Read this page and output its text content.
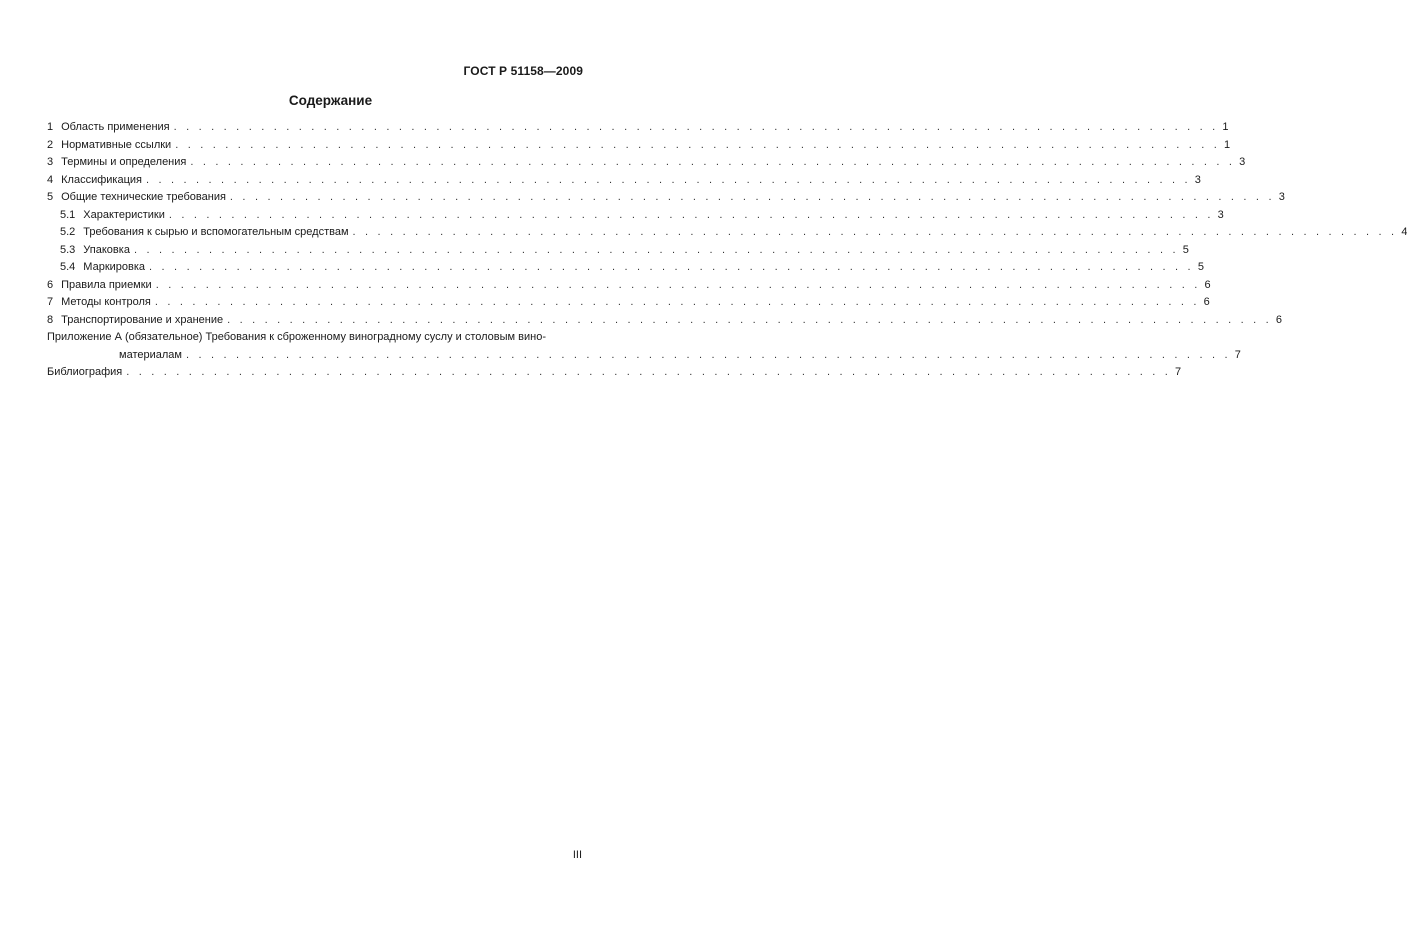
ГОСТ Р 51158—2009
Содержание
1 Область применения . . . . . . . . . . . . . . . . . . . . . . . . . . . . . . . . . . . . . . . . . . . . . . . . . . . . . . . . . . . . . . . . . . . . . . . . . . . . . . . . . . . . 1
2 Нормативные ссылки . . . . . . . . . . . . . . . . . . . . . . . . . . . . . . . . . . . . . . . . . . . . . . . . . . . . . . . . . . . . . . . . . . . . . . . . . . . . . . . . . . . . 1
3 Термины и определения . . . . . . . . . . . . . . . . . . . . . . . . . . . . . . . . . . . . . . . . . . . . . . . . . . . . . . . . . . . . . . . . . . . . . . . . . . . . . . . . . . . . 3
4 Классификация . . . . . . . . . . . . . . . . . . . . . . . . . . . . . . . . . . . . . . . . . . . . . . . . . . . . . . . . . . . . . . . . . . . . . . . . . . . . . . . . . . . . 3
5 Общие технические требования . . . . . . . . . . . . . . . . . . . . . . . . . . . . . . . . . . . . . . . . . . . . . . . . . . . . . . . . . . . . . . . . . . . . . . . . . . . . . . . . . . . . 3
5.1 Характеристики . . . . . . . . . . . . . . . . . . . . . . . . . . . . . . . . . . . . . . . . . . . . . . . . . . . . . . . . . . . . . . . . . . . . . . . . . . . . . . . . . . . . 3
5.2 Требования к сырью и вспомогательным средствам . . . . . . . . . . . . . . . . . . . . . . . . . . . . . . . . . . . . . . . . . . . . . . . . . . . . . . . . . . . . . . . . . . . . . . . . . . . . . . . . . . . . 4
5.3 Упаковка . . . . . . . . . . . . . . . . . . . . . . . . . . . . . . . . . . . . . . . . . . . . . . . . . . . . . . . . . . . . . . . . . . . . . . . . . . . . . . . . . . . . 5
5.4 Маркировка . . . . . . . . . . . . . . . . . . . . . . . . . . . . . . . . . . . . . . . . . . . . . . . . . . . . . . . . . . . . . . . . . . . . . . . . . . . . . . . . . . . . 5
6 Правила приемки . . . . . . . . . . . . . . . . . . . . . . . . . . . . . . . . . . . . . . . . . . . . . . . . . . . . . . . . . . . . . . . . . . . . . . . . . . . . . . . . . . . . 6
7 Методы контроля . . . . . . . . . . . . . . . . . . . . . . . . . . . . . . . . . . . . . . . . . . . . . . . . . . . . . . . . . . . . . . . . . . . . . . . . . . . . . . . . . . . . 6
8 Транспортирование и хранение . . . . . . . . . . . . . . . . . . . . . . . . . . . . . . . . . . . . . . . . . . . . . . . . . . . . . . . . . . . . . . . . . . . . . . . . . . . . . . . . . . . . 6
Приложение А (обязательное) Требования к сброженному виноградному суслу и столовым вино-
материалам . . . . . . . . . . . . . . . . . . . . . . . . . . . . . . . . . . . . . . . . . . . . . . . . . . . . . . . . . . . . . . . . . . . . . . . . . . . . . . . . . . . . 7
Библиография . . . . . . . . . . . . . . . . . . . . . . . . . . . . . . . . . . . . . . . . . . . . . . . . . . . . . . . . . . . . . . . . . . . . . . . . . . . . . . . . . . . . 7
III
